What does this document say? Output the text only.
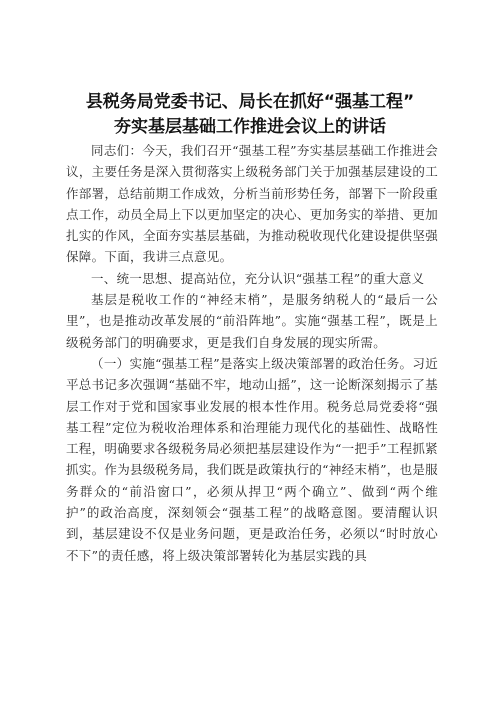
县税务局党委书记、局长在抓好“强基工程”
夯实基层基础工作推进会议上的讲话

同志们：今天，我们召开“强基工程”夯实基层基础工作推进会议，主要任务是深入贯彻落实上级税务部门关于加强基层建设的工作部署，总结前期工作成效，分析当前形势任务，部署下一阶段重点工作，动员全局上下以更加坚定的决心、更加务实的举措、更加扎实的作风，全面夯实基层基础，为推动税收现代化建设提供坚强保障。下面，我讲三点意见。

一、统一思想、提高站位，充分认识“强基工程”的重大意义

基层是税收工作的“神经末梢”，是服务纳税人的“最后一公里”，也是推动改革发展的“前沿阵地”。实施“强基工程”，既是上级税务部门的明确要求，更是我们自身发展的现实所需。

（一）实施“强基工程”是落实上级决策部署的政治任务。习近平总书记多次强调“基础不牢，地动山摇”，这一论断深刻揭示了基层工作对于党和国家事业发展的根本性作用。税务总局党委将“强基工程”定位为税收治理体系和治理能力现代化的基础性、战略性工程，明确要求各级税务局必须把基层建设作为“一把手”工程抓紧抓实。作为县级税务局，我们既是政策执行的“神经末梢”，也是服务群众的“前沿窗口”，必须从捍卫“两个确立”、做到“两个维护”的政治高度，深刻领会“强基工程”的战略意图。要清醒认识到，基层建设不仅是业务问题，更是政治任务，必须以“时时放心不下”的责任感，将上级决策部署转化为基层实践的具
